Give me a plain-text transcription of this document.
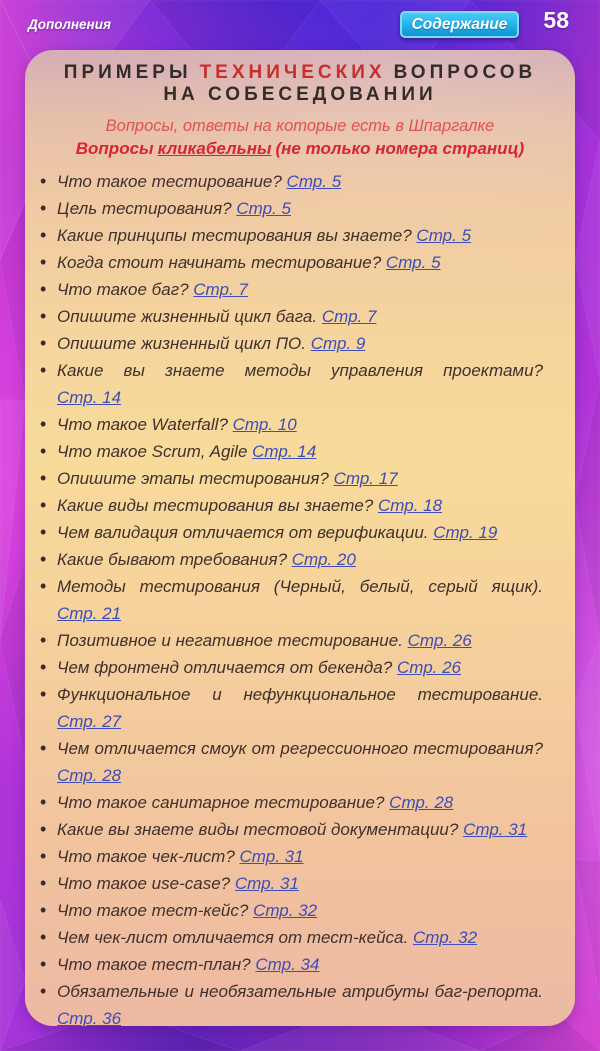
Дополнения	Содержание	58
ПРИМЕРЫ ТЕХНИЧЕСКИХ ВОПРОСОВ
НА СОБЕСЕДОВАНИИ
Вопросы, ответы на которые есть в Шпаргалке
Вопросы кликабельны (не только номера страниц)
• Что такое тестирование? Стр. 5
• Цель тестирования? Стр. 5
• Какие принципы тестирования вы знаете? Стр. 5
• Когда стоит начинать тестирование? Стр. 5
• Что такое баг? Стр. 7
• Опишите жизненный цикл бага. Стр. 7
• Опишите жизненный цикл ПО. Стр. 9
• Какие вы знаете методы управления проектами?
Стр. 14
• Что такое Waterfall? Стр. 10
• Что такое Scrum, Agile Стр. 14
• Опишите этапы тестирования? Стр. 17
• Какие виды тестирования вы знаете? Стр. 18
• Чем валидация отличается от верификации. Стр. 19
• Какие бывают требования? Стр. 20
• Методы тестирования (Черный, белый, серый ящик).
Стр. 21
• Позитивное и негативное тестирование. Стр. 26
• Чем фронтенд отличается от бекенда? Стр. 26
• Функциональное и нефункциональное тестирование. Стр. 27
• Чем отличается смоук от регрессионного тестирования?
Стр. 28
• Что такое санитарное тестирование? Стр. 28
• Какие вы знаете виды тестовой документации? Стр. 31
• Что такое чек-лист? Стр. 31
• Что такое use-case? Стр. 31
• Что такое тест-кейс? Стр. 32
• Чем чек-лист отличается от тест-кейса. Стр. 32
• Что такое тест-план? Стр. 34
• Обязательные и необязательные атрибуты баг-репорта.
Стр. 36
